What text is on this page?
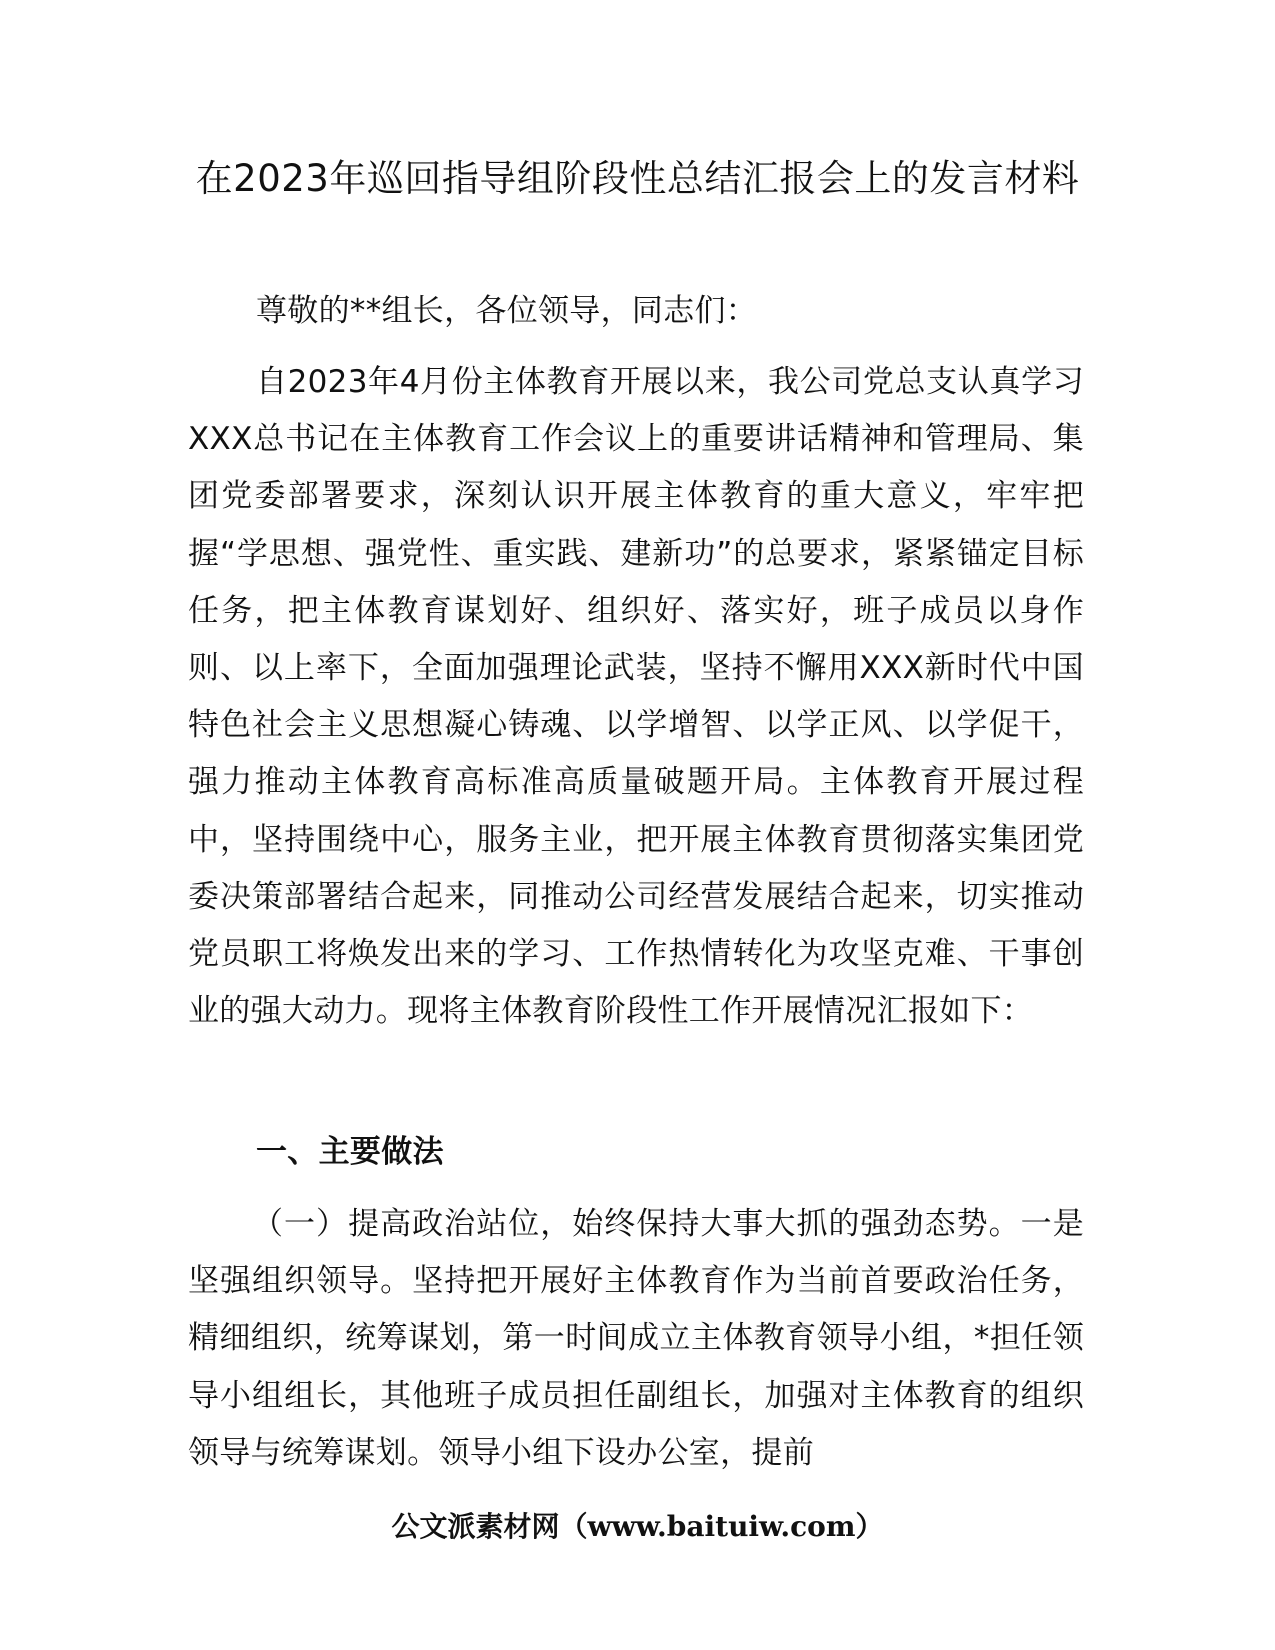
在2023年巡回指导组阶段性总结汇报会上的发言材料

尊敬的**组长，各位领导，同志们：

自2023年4月份主体教育开展以来，我公司党总支认真学习XXX总书记在主体教育工作会议上的重要讲话精神和管理局、集团党委部署要求，深刻认识开展主体教育的重大意义，牢牢把握“学思想、强党性、重实践、建新功”的总要求，紧紧锚定目标任务，把主体教育谋划好、组织好、落实好，班子成员以身作则、以上率下，全面加强理论武装，坚持不懈用XXX新时代中国特色社会主义思想凝心铸魂、以学增智、以学正风、以学促干，强力推动主体教育高标准高质量破题开局。主体教育开展过程中，坚持围绕中心，服务主业，把开展主体教育贯彻落实集团党委决策部署结合起来，同推动公司经营发展结合起来，切实推动党员职工将焕发出来的学习、工作热情转化为攻坚克难、干事创业的强大动力。现将主体教育阶段性工作开展情况汇报如下：

一、主要做法

（一）提高政治站位，始终保持大事大抓的强劲态势。一是坚强组织领导。坚持把开展好主体教育作为当前首要政治任务，精细组织，统筹谋划，第一时间成立主体教育领导小组，*担任领导小组组长，其他班子成员担任副组长，加强对主体教育的组织领导与统筹谋划。领导小组下设办公室，提前

公文派素材网（www.baituiw.com）
